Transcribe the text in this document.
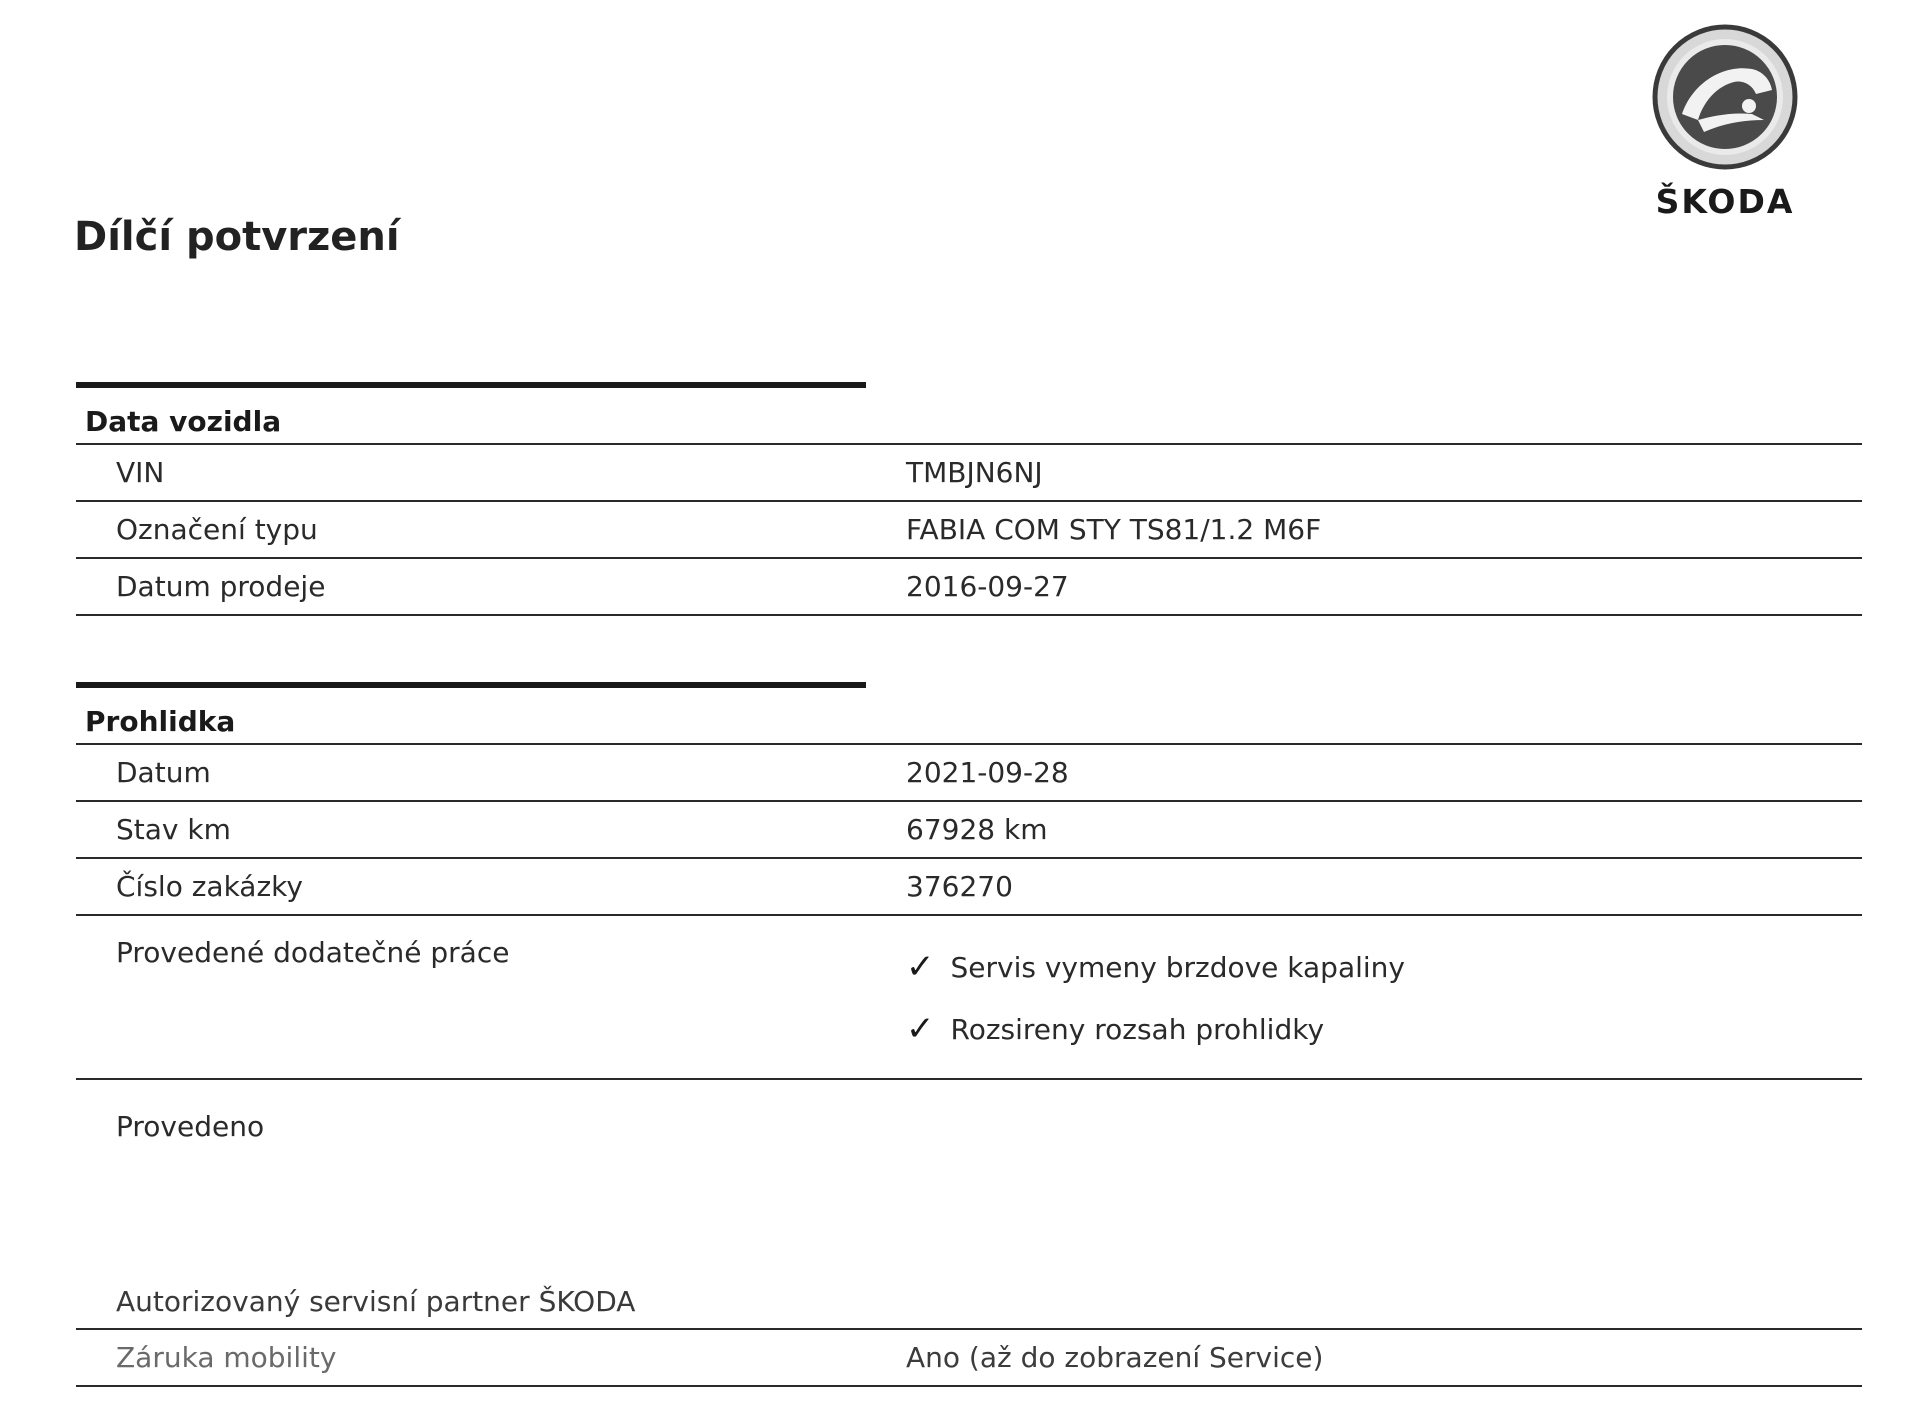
ŠKODA
Dílčí potvrzení
Data vozidla
VIN	TMBJN6NJ
Označení typu	FABIA COM STY TS81/1.2 M6F
Datum prodeje	2016-09-27
Prohlidka
Datum	2021-09-28
Stav km	67928 km
Číslo zakázky	376270
Provedené dodatečné práce	✓ Servis vymeny brzdove kapaliny
✓ Rozsireny rozsah prohlidky
Provedeno
Autorizovaný servisní partner ŠKODA
Záruka mobility	Ano (až do zobrazení Service)
